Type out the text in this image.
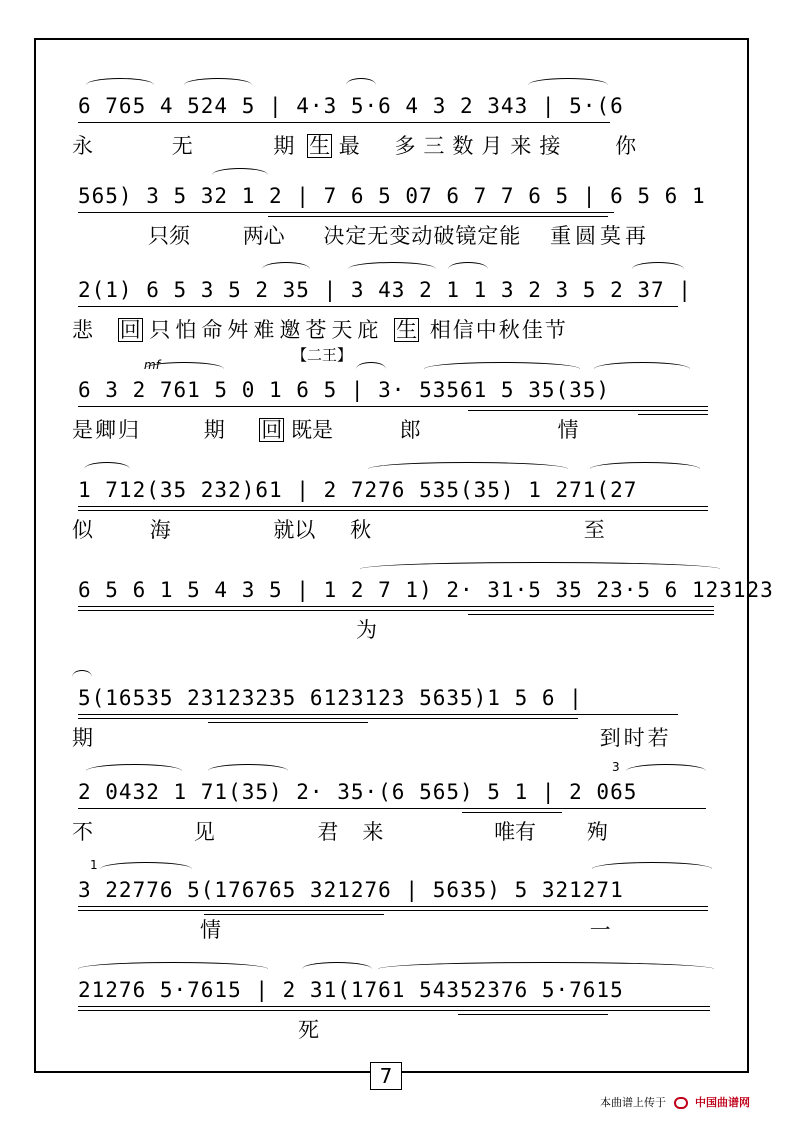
6 765 4 524 5 | 4·3 5·6 4 3 2 343 | 5·(6
永	无	期 生 最 多三数月来接 你
565) 3 5 32 1 2 | 7 6 5 07 6 7 7 6 5 | 6 5 6 1
只须	两心 决定无变动破镜定能 重圆莫再
2(1) 6 5 3 5 2 35 | 3 43 2 1 1 3 2 3 5 2 37 |
悲 回 只怕命舛难邀苍天庇 生 相信中秋佳节
【二王】
mf
6 3 2 761 5 0 1 6 5 | 3· 53561 5 35(35)
是卿归	期 回 既是	郎	情
1 712(35 232)61 | 2 7276 535(35) 1 271(27
似	海	就以 秋	至
6 5 6 1 5 4 3 5 | 1 2 7 1) 2· 31·5 35 23·5 6 123123
为
5(16535 23123235 6123123 5635)1 5 6 |
期	到时若
3
2 0432 1 71(35) 2· 35·(6 565) 5 1 | 2 065
不	见	君来	唯有 殉
1
3 22776 5(176765 321276 | 5635) 5 321271
情	一
21276 5·7615 | 2 31(1761 54352376 5·7615
死
7
本曲谱上传于	中国曲谱网
